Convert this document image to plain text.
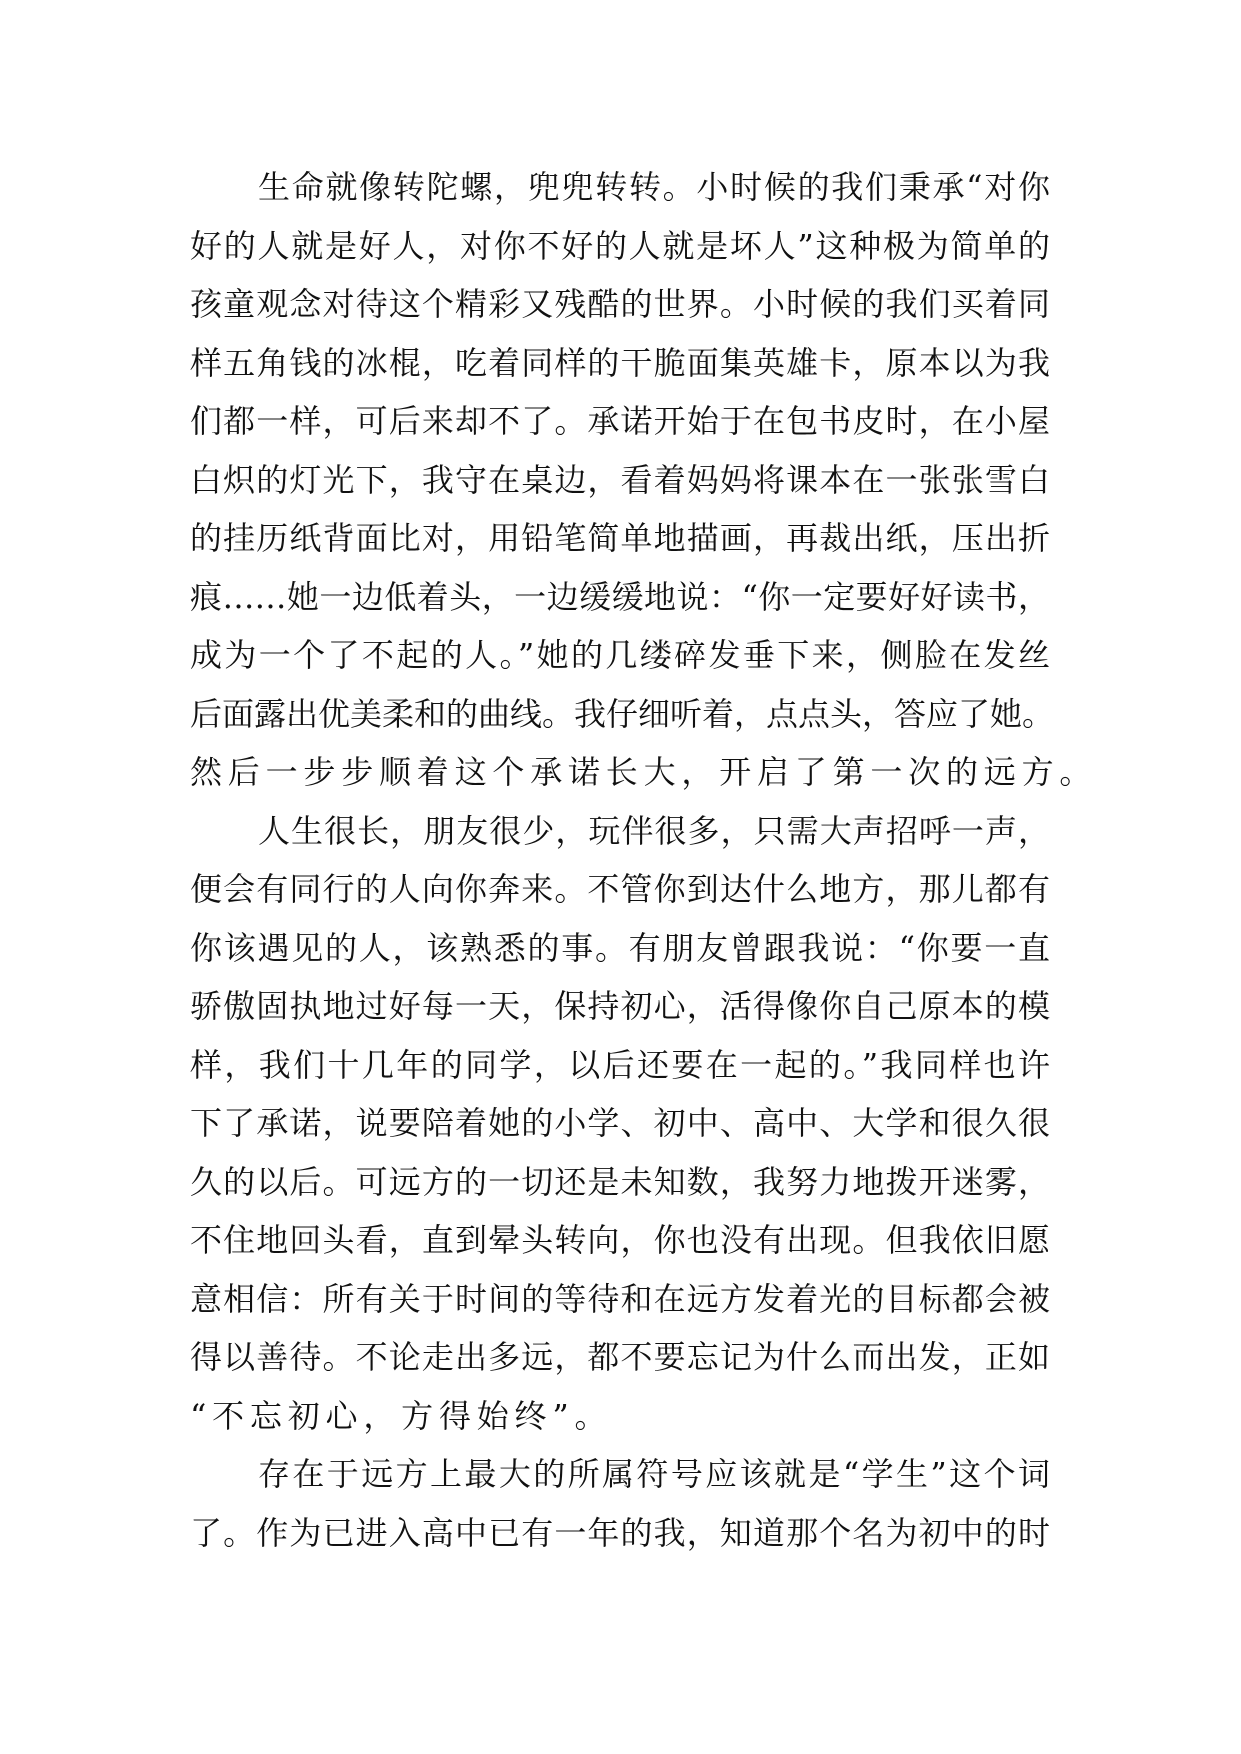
生命就像转陀螺，兜兜转转。小时候的我们秉承“对你
好的人就是好人，对你不好的人就是坏人”这种极为简单的
孩童观念对待这个精彩又残酷的世界。小时候的我们买着同
样五角钱的冰棍，吃着同样的干脆面集英雄卡，原本以为我
们都一样，可后来却不了。承诺开始于在包书皮时，在小屋
白炽的灯光下，我守在桌边，看着妈妈将课本在一张张雪白
的挂历纸背面比对，用铅笔简单地描画，再裁出纸，压出折
痕……她一边低着头，一边缓缓地说：“你一定要好好读书，
成为一个了不起的人。”她的几缕碎发垂下来，侧脸在发丝
后面露出优美柔和的曲线。我仔细听着，点点头，答应了她。
然后一步步顺着这个承诺长大，开启了第一次的远方。
人生很长，朋友很少，玩伴很多，只需大声招呼一声，
便会有同行的人向你奔来。不管你到达什么地方，那儿都有
你该遇见的人，该熟悉的事。有朋友曾跟我说：“你要一直
骄傲固执地过好每一天，保持初心，活得像你自己原本的模
样，我们十几年的同学，以后还要在一起的。”我同样也许
下了承诺，说要陪着她的小学、初中、高中、大学和很久很
久的以后。可远方的一切还是未知数，我努力地拨开迷雾，
不住地回头看，直到晕头转向，你也没有出现。但我依旧愿
意相信：所有关于时间的等待和在远方发着光的目标都会被
得以善待。不论走出多远，都不要忘记为什么而出发，正如
“不忘初心，方得始终”。
存在于远方上最大的所属符号应该就是“学生”这个词
了。作为已进入高中已有一年的我，知道那个名为初中的时
